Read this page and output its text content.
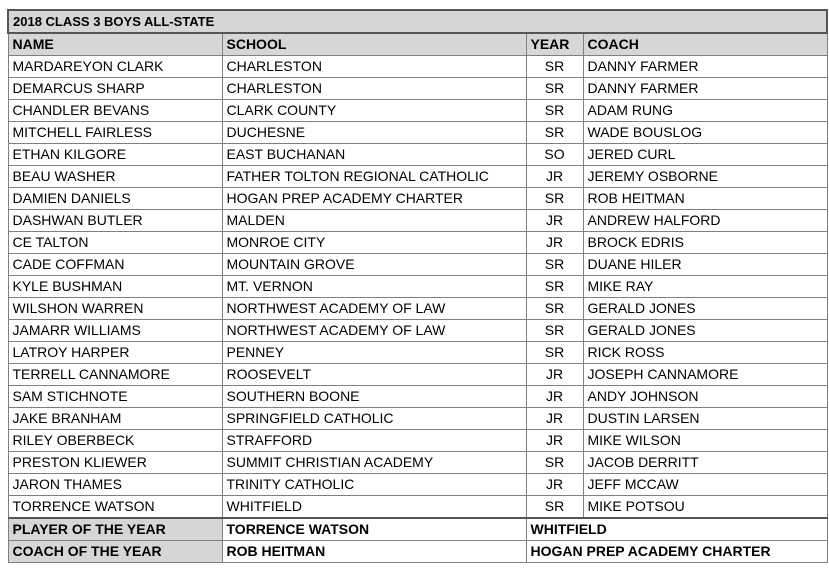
2018 CLASS 3 BOYS ALL-STATE			
NAME	SCHOOL	YEAR	COACH
MARDAREYON CLARK	CHARLESTON	SR	DANNY FARMER
DEMARCUS SHARP	CHARLESTON	SR	DANNY FARMER
CHANDLER BEVANS	CLARK COUNTY	SR	ADAM RUNG
MITCHELL FAIRLESS	DUCHESNE	SR	WADE BOUSLOG
ETHAN KILGORE	EAST BUCHANAN	SO	JERED CURL
BEAU WASHER	FATHER TOLTON REGIONAL CATHOLIC	JR	JEREMY OSBORNE
DAMIEN DANIELS	HOGAN PREP ACADEMY CHARTER	SR	ROB HEITMAN
DASHWAN BUTLER	MALDEN	JR	ANDREW HALFORD
CE TALTON	MONROE CITY	JR	BROCK EDRIS
CADE COFFMAN	MOUNTAIN GROVE	SR	DUANE HILER
KYLE BUSHMAN	MT. VERNON	SR	MIKE RAY
WILSHON WARREN	NORTHWEST ACADEMY OF LAW	SR	GERALD JONES
JAMARR WILLIAMS	NORTHWEST ACADEMY OF LAW	SR	GERALD JONES
LATROY HARPER	PENNEY	SR	RICK ROSS
TERRELL CANNAMORE	ROOSEVELT	JR	JOSEPH CANNAMORE
SAM STICHNOTE	SOUTHERN BOONE	JR	ANDY JOHNSON
JAKE BRANHAM	SPRINGFIELD CATHOLIC	JR	DUSTIN LARSEN
RILEY OBERBECK	STRAFFORD	JR	MIKE WILSON
PRESTON KLIEWER	SUMMIT CHRISTIAN ACADEMY	SR	JACOB DERRITT
JARON THAMES	TRINITY CATHOLIC	JR	JEFF MCCAW
TORRENCE WATSON	WHITFIELD	SR	MIKE POTSOU
PLAYER OF THE YEAR	TORRENCE WATSON	WHITFIELD	
COACH OF THE YEAR	ROB HEITMAN	HOGAN PREP ACADEMY CHARTER	
